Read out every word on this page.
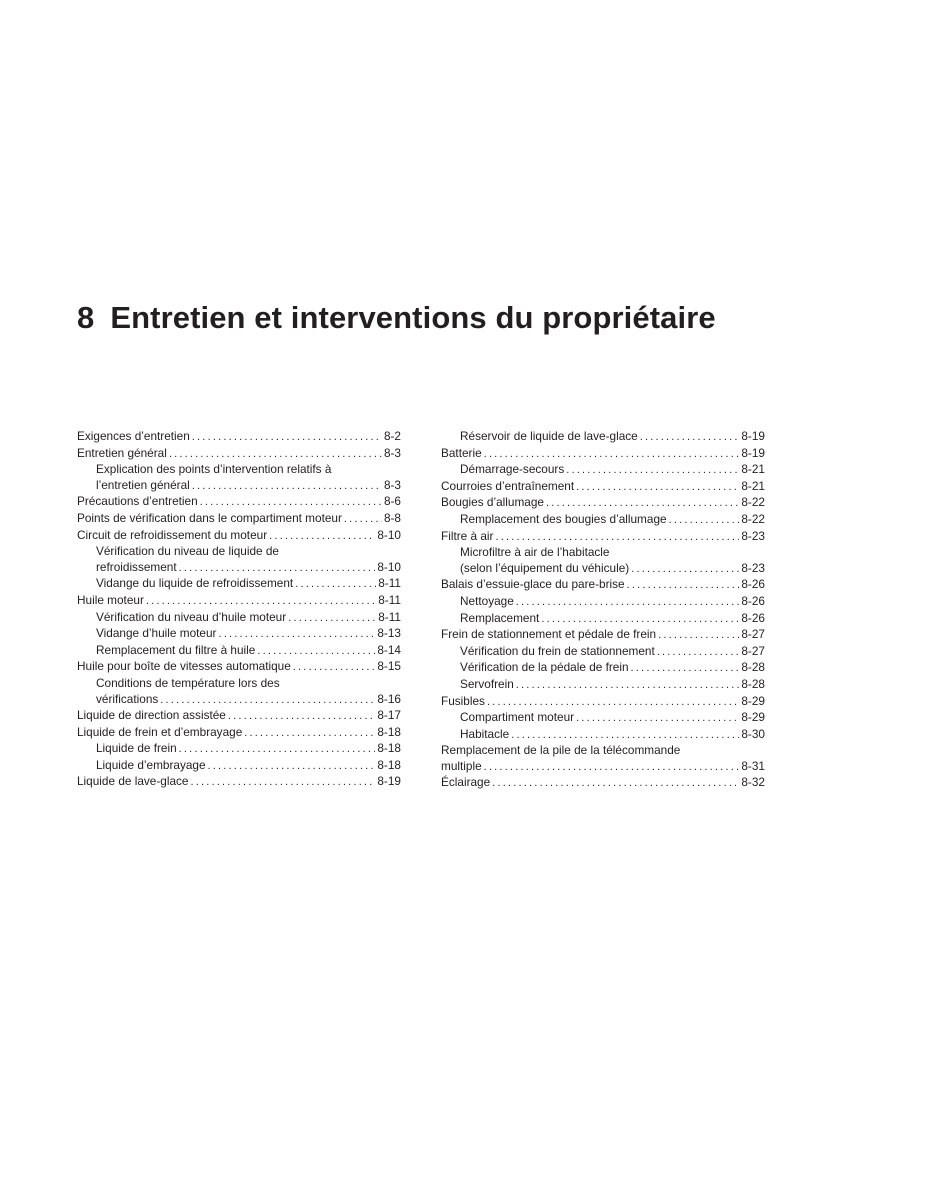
8 Entretien et interventions du propriétaire
Exigences d’entretien .....	8-2
Entretien général .....	8-3
Explication des points d’intervention relatifs à
l’entretien général .....	8-3
Précautions d’entretien .....	8-6
Points de vérification dans le compartiment moteur .....	8-8
Circuit de refroidissement du moteur .....	8-10
Vérification du niveau de liquide de
refroidissement .....	8-10
Vidange du liquide de refroidissement .....	8-11
Huile moteur .....	8-11
Vérification du niveau d’huile moteur .....	8-11
Vidange d’huile moteur .....	8-13
Remplacement du filtre à huile .....	8-14
Huile pour boîte de vitesses automatique .....	8-15
Conditions de température lors des
vérifications .....	8-16
Liquide de direction assistée .....	8-17
Liquide de frein et d’embrayage .....	8-18
Liquide de frein .....	8-18
Liquide d’embrayage .....	8-18
Liquide de lave-glace .....	8-19
Réservoir de liquide de lave-glace .....	8-19
Batterie .....	8-19
Démarrage-secours .....	8-21
Courroies d’entraînement .....	8-21
Bougies d’allumage .....	8-22
Remplacement des bougies d’allumage .....	8-22
Filtre à air .....	8-23
Microfiltre à air de l’habitacle
(selon l’équipement du véhicule) .....	8-23
Balais d’essuie-glace du pare-brise .....	8-26
Nettoyage .....	8-26
Remplacement .....	8-26
Frein de stationnement et pédale de frein .....	8-27
Vérification du frein de stationnement .....	8-27
Vérification de la pédale de frein .....	8-28
Servofrein .....	8-28
Fusibles .....	8-29
Compartiment moteur .....	8-29
Habitacle .....	8-30
Remplacement de la pile de la télécommande
multiple .....	8-31
Éclairage .....	8-32
